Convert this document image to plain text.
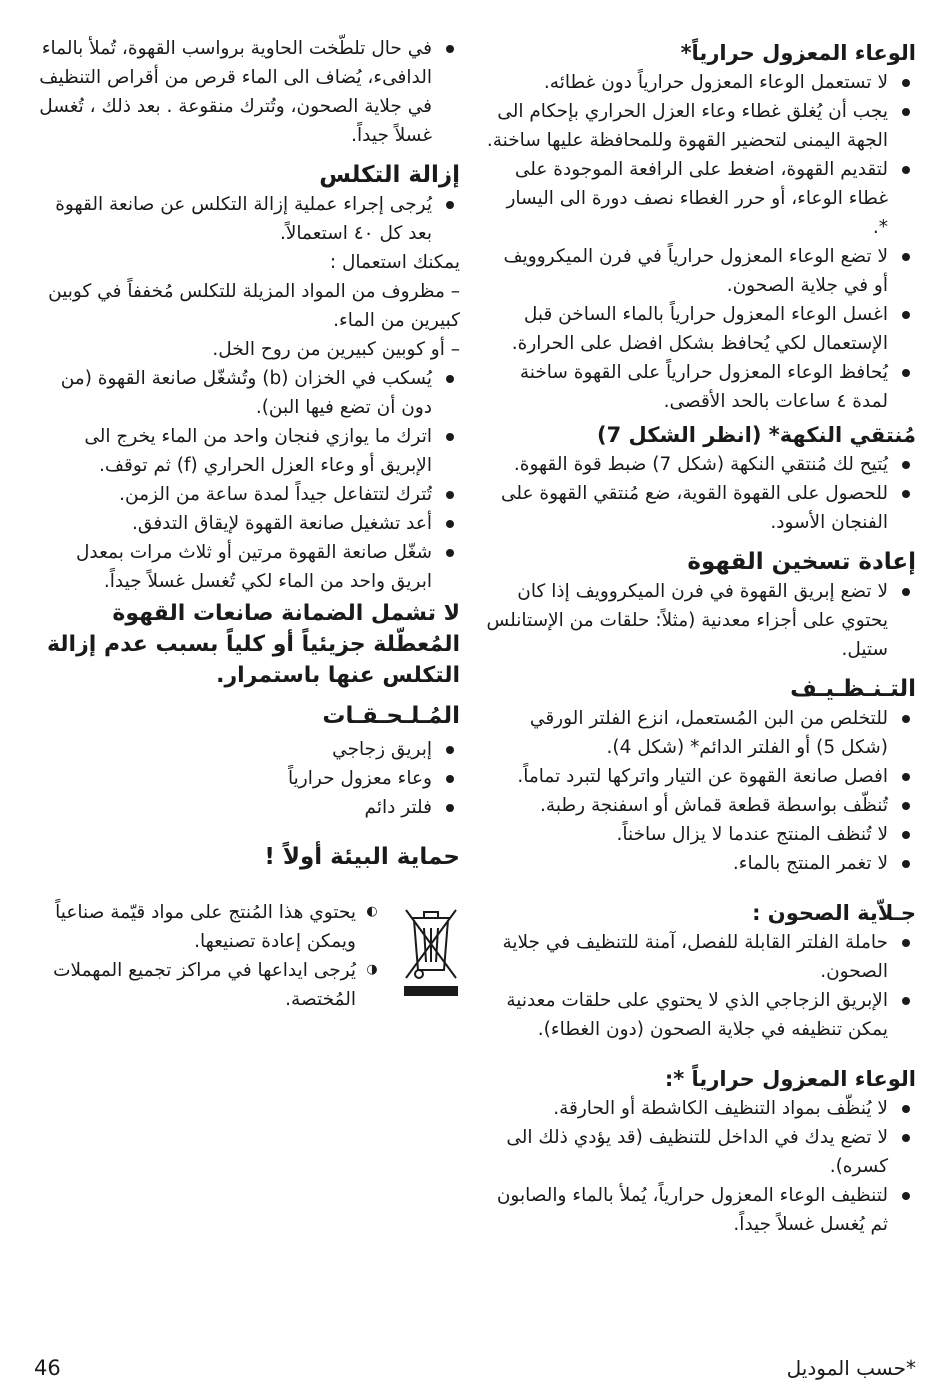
الوعاء المعزول حرارياً*
لا تستعمل الوعاء المعزول حرارياً دون غطائه.
يجب أن يُغلق غطاء وعاء العزل الحراري بإحكام الى الجهة اليمنى لتحضير القهوة وللمحافظة عليها ساخنة.
لتقديم القهوة، اضغط على الرافعة الموجودة على غطاء الوعاء، أو حرر الغطاء نصف دورة الى اليسار *.
لا تضع الوعاء المعزول حرارياً في فرن الميكروويف أو في جلاية الصحون.
اغسل الوعاء المعزول حرارياً بالماء الساخن قبل الإستعمال لكي يُحافظ بشكل افضل على الحرارة.
يُحافظ الوعاء المعزول حرارياً على القهوة ساخنة لمدة ٤ ساعات بالحد الأقصى.
مُنتقي النكهة* (انظر الشكل 7)
يُتيح لك مُنتقي النكهة (شكل 7) ضبط قوة القهوة.
للحصول على القهوة القوية، ضع مُنتقي القهوة على الفنجان الأسود.
إعادة تسخين القهوة
لا تضع إبريق القهوة في فرن الميكروويف إذا كان يحتوي على أجزاء معدنية (مثلاً: حلقات من الإستانلس ستيل.
التـنـظـيـف
للتخلص من البن المُستعمل، انزع الفلتر الورقي (شكل 5) أو الفلتر الدائم* (شكل 4).
افصل صانعة القهوة عن التيار واتركها لتبرد تماماً.
تُنظّف بواسطة قطعة قماش أو اسفنجة رطبة.
لا تُنظف المنتج عندما لا يزال ساخناً.
لا تغمر المنتج بالماء.
جـلاّية الصحون :
حاملة الفلتر القابلة للفصل، آمنة للتنظيف في جلاية الصحون.
الإبريق الزجاجي الذي لا يحتوي على حلقات معدنية يمكن تنظيفه في جلاية الصحون (دون الغطاء).
الوعاء المعزول حرارياً *:
لا يُنظّف بمواد التنظيف الكاشطة أو الحارقة.
لا تضع يدك في الداخل للتنظيف (قد يؤدي ذلك الى كسره).
لتنظيف الوعاء المعزول حرارياً، يُملأ بالماء والصابون ثم يُغسل غسلاً جيداً.
في حال تلطّخت الحاوية برواسب القهوة، تُملأ بالماء الدافىء، يُضاف الى الماء قرص من أقراص التنظيف في جلاية الصحون، وتُترك منقوعة . بعد ذلك ، تُغسل غسلاً جيداً.
إزالة التكلس
يُرجى إجراء عملية إزالة التكلس عن صانعة القهوة بعد كل ٤٠ استعمالاً.

يمكنك استعمال :

– مظروف من المواد المزيلة للتكلس مُخففاً في كوبين كبيرين من الماء.

– أو كوبين كبيرين من روح الخل.

يُسكب في الخزان (b) وتُشغّل صانعة القهوة (من دون أن تضع فيها البن).
اترك ما يوازي فنجان واحد من الماء يخرج الى الإبريق أو وعاء العزل الحراري (f) ثم توقف.
تُترك لتتفاعل جيداً لمدة ساعة من الزمن.
أعد تشغيل صانعة القهوة لإيقاق التدفق.
شغّل صانعة القهوة مرتين أو ثلاث مرات بمعدل ابريق واحد من الماء لكي تُغسل غسلاً جيداً.

لا تشمل الضمانة صانعات القهوة المُعطّلة جزيئياً أو كلياً بسبب عدم إزالة التكلس عنها باستمرار.

المُـلـحـقـات
إبريق زجاجي
وعاء معزول حرارياً
فلتر دائم
حماية البيئة أولاً !

◐
يحتوي هذا المُنتج على مواد قيّمة صناعياً ويمكن إعادة تصنيعها.

◑
يُرجى ايداعها في مراكز تجميع المهملات المُختصة.

*حسب الموديل
46
